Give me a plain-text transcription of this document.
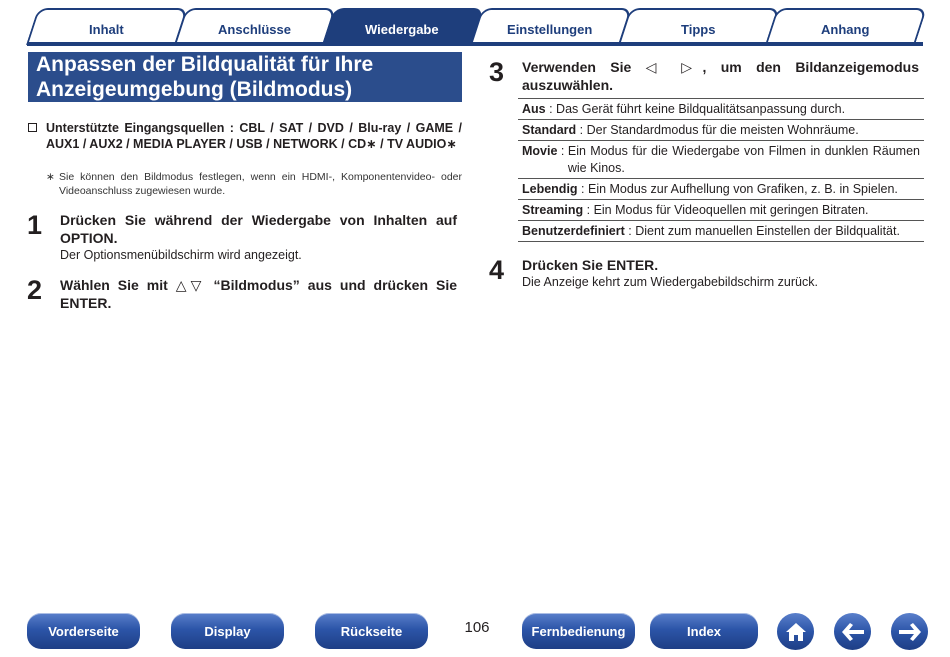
Inhalt	Anschlüsse	Wiedergabe	Einstellungen	Tipps	Anhang
Anpassen der Bildqualität für Ihre
Anzeigeumgebung (Bildmodus)
Unterstützte Eingangsquellen : CBL / SAT / DVD / Blu-ray / GAME / AUX1 / AUX2 / MEDIA PLAYER / USB / NETWORK / CD∗ / TV AUDIO∗
∗ Sie können den Bildmodus festlegen, wenn ein HDMI-, Komponentenvideo- oder Videoanschluss zugewiesen wurde.
1 Drücken Sie während der Wiedergabe von Inhalten auf OPTION.
Der Optionsmenübildschirm wird angezeigt.
2 Wählen Sie mit △▽ “Bildmodus” aus und drücken Sie ENTER.
3 Verwenden Sie ◁ ▷, um den Bildanzeigemodus auszuwählen.
Aus : Das Gerät führt keine Bildqualitätsanpassung durch.
Standard : Der Standardmodus für die meisten Wohnräume.
Movie : Ein Modus für die Wiedergabe von Filmen in dunklen Räumen wie Kinos.
Lebendig : Ein Modus zur Aufhellung von Grafiken, z. B. in Spielen.
Streaming : Ein Modus für Videoquellen mit geringen Bitraten.
Benutzerdefiniert : Dient zum manuellen Einstellen der Bildqualität.
4 Drücken Sie ENTER.
Die Anzeige kehrt zum Wiedergabebildschirm zurück.
Vorderseite	Display	Rückseite	106	Fernbedienung	Index
